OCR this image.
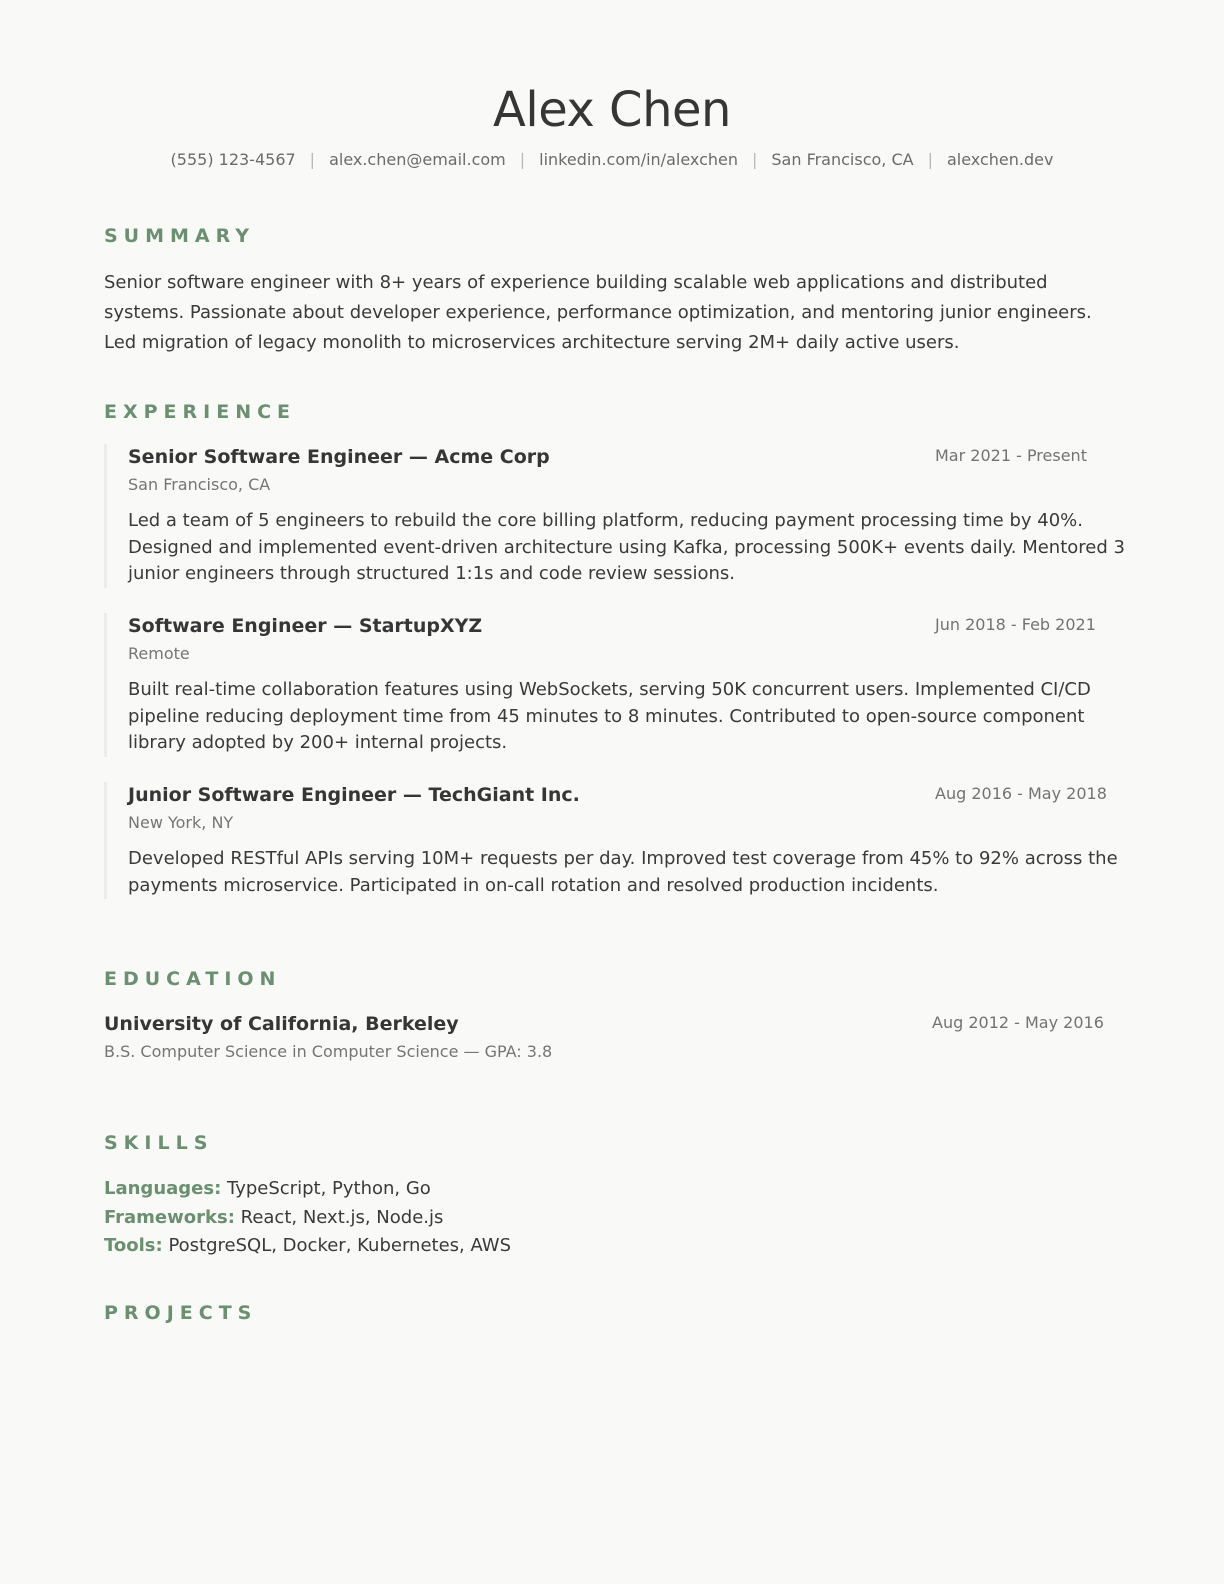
Alex Chen
(555) 123-4567 | alex.chen@email.com | linkedin.com/in/alexchen | San Francisco, CA | alexchen.dev
SUMMARY
Senior software engineer with 8+ years of experience building scalable web applications and distributed systems. Passionate about developer experience, performance optimization, and mentoring junior engineers. Led migration of legacy monolith to microservices architecture serving 2M+ daily active users.
EXPERIENCE
Senior Software Engineer — Acme Corp	Mar 2021 - Present
San Francisco, CA
Led a team of 5 engineers to rebuild the core billing platform, reducing payment processing time by 40%. Designed and implemented event-driven architecture using Kafka, processing 500K+ events daily. Mentored 3 junior engineers through structured 1:1s and code review sessions.
Software Engineer — StartupXYZ	Jun 2018 - Feb 2021
Remote
Built real-time collaboration features using WebSockets, serving 50K concurrent users. Implemented CI/CD pipeline reducing deployment time from 45 minutes to 8 minutes. Contributed to open-source component library adopted by 200+ internal projects.
Junior Software Engineer — TechGiant Inc.	Aug 2016 - May 2018
New York, NY
Developed RESTful APIs serving 10M+ requests per day. Improved test coverage from 45% to 92% across the payments microservice. Participated in on-call rotation and resolved production incidents.
EDUCATION
University of California, Berkeley	Aug 2012 - May 2016
B.S. Computer Science in Computer Science — GPA: 3.8
SKILLS
Languages: TypeScript, Python, Go
Frameworks: React, Next.js, Node.js
Tools: PostgreSQL, Docker, Kubernetes, AWS
PROJECTS
